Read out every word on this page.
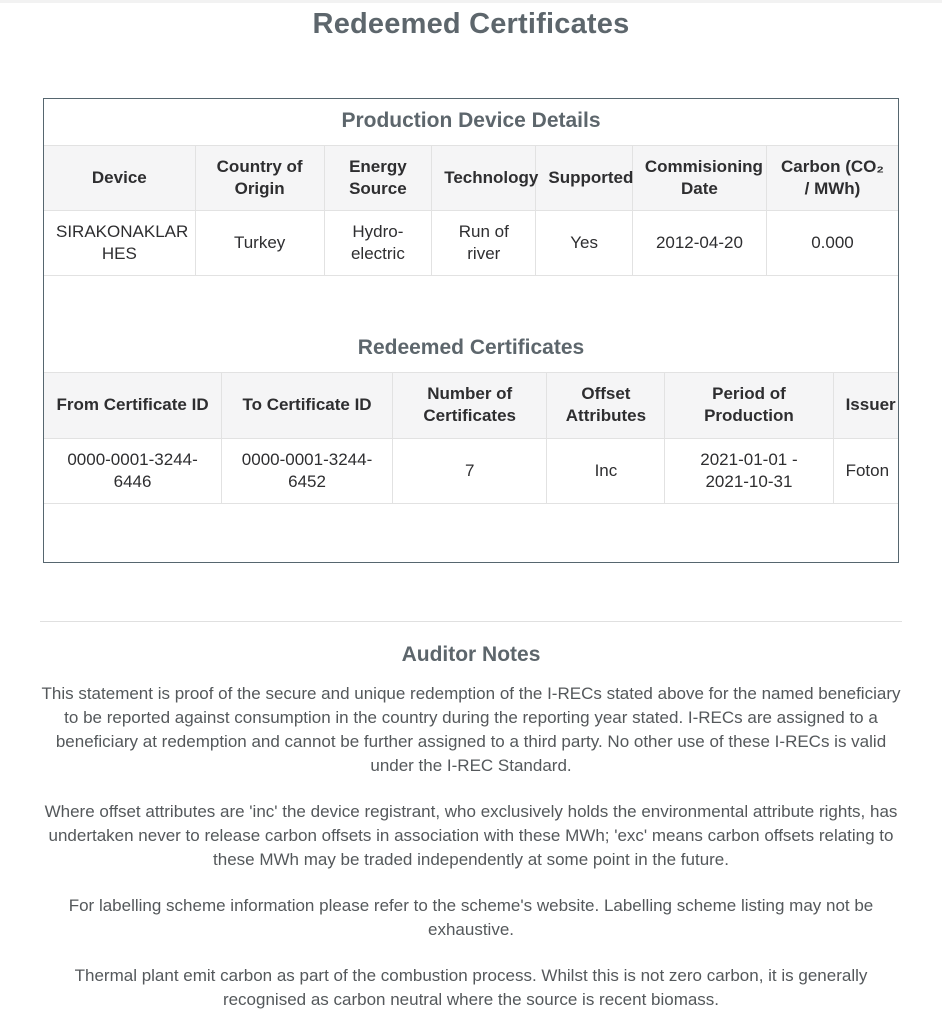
Redeemed Certificates
Production Device Details
Device	Country of Origin	Energy Source	Technology	Supported	Commisioning Date	Carbon (CO₂ / MWh)
SIRAKONAKLAR HES	Turkey	Hydro-electric	Run of river	Yes	2012-04-20	0.000
Redeemed Certificates
From Certificate ID	To Certificate ID	Number of Certificates	Offset Attributes	Period of Production	Issuer
0000-0001-3244-6446	0000-0001-3244-6452	7	Inc	2021-01-01 - 2021-10-31	Foton
Auditor Notes

This statement is proof of the secure and unique redemption of the I-RECs stated above for the named beneficiary to be reported against consumption in the country during the reporting year stated. I-RECs are assigned to a beneficiary at redemption and cannot be further assigned to a third party. No other use of these I-RECs is valid under the I-REC Standard.

Where offset attributes are 'inc' the device registrant, who exclusively holds the environmental attribute rights, has undertaken never to release carbon offsets in association with these MWh; 'exc' means carbon offsets relating to these MWh may be traded independently at some point in the future.

For labelling scheme information please refer to the scheme's website. Labelling scheme listing may not be exhaustive.

Thermal plant emit carbon as part of the combustion process. Whilst this is not zero carbon, it is generally recognised as carbon neutral where the source is recent biomass.
